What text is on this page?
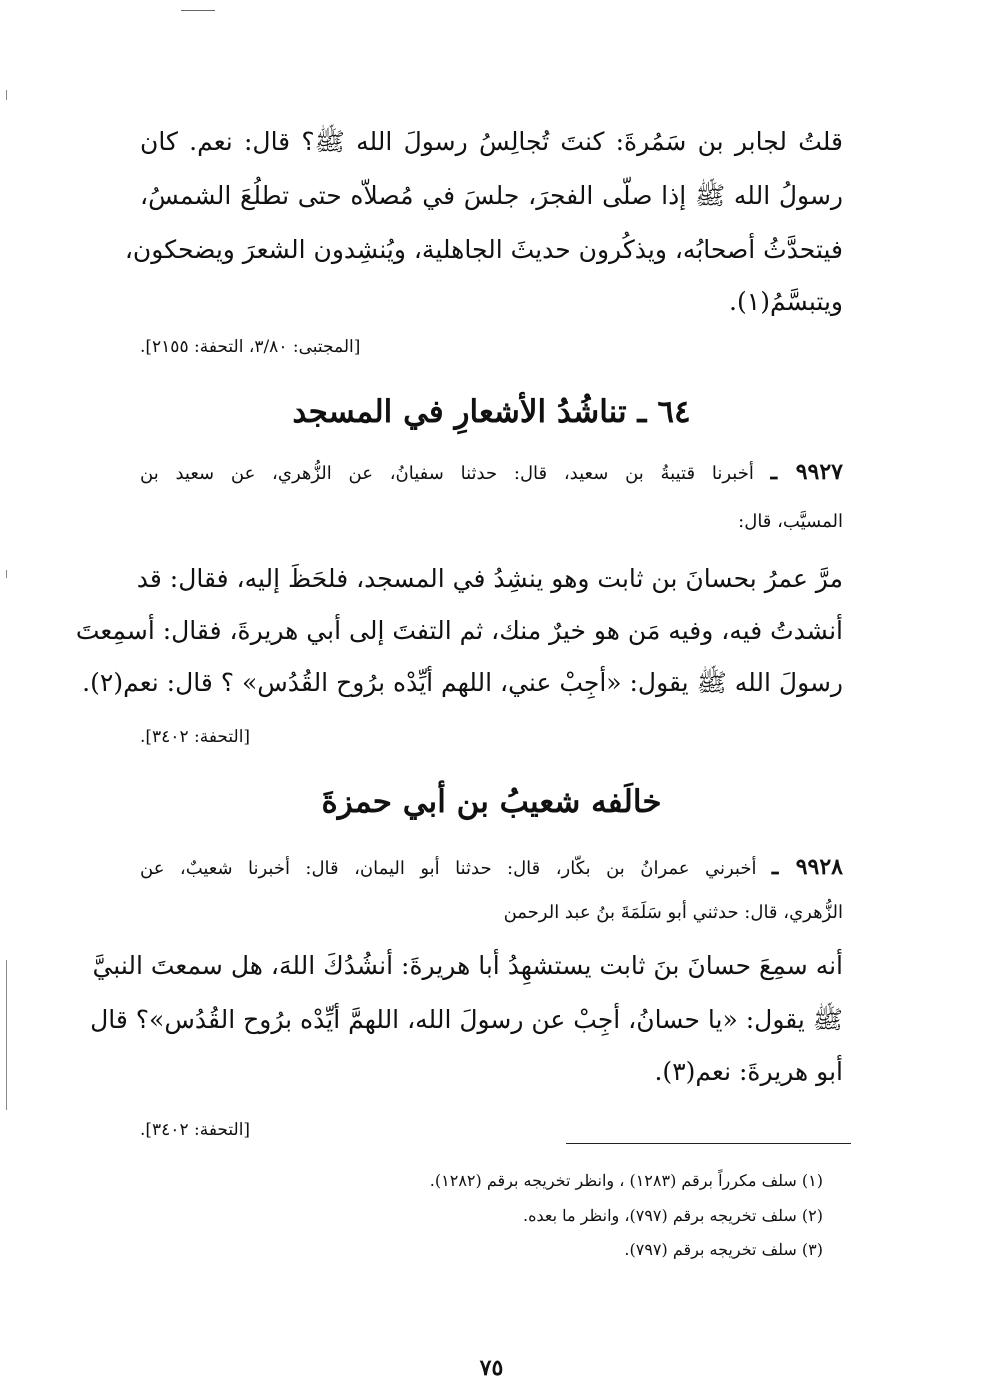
قلتُ لجابر بن سَمُرةَ: كنتَ تُجالِسُ رسولَ الله ﷺ؟ قال: نعم. كان
رسولُ الله ﷺ إذا صلّى الفجرَ، جلسَ في مُصلاّه حتى تطلُعَ الشمسُ،
فيتحدَّثُ أصحابُه، ويذكُرون حديثَ الجاهلية، ويُنشِدون الشعرَ ويضحكون،
ويتبسَّمُ(١).
[المجتبى: ٣/٨٠، التحفة: ٢١٥٥].
٦٤ ـ تناشُدُ الأشعارِ في المسجد
٩٩٢٧ ـ أخبرنا قتيبةُ بن سعيد، قال: حدثنا سفيانُ، عن الزُّهري، عن سعيد بن
المسيَّب، قال:
مرَّ عمرُ بحسانَ بن ثابت وهو ينشِدُ في المسجد، فلحَظَ إليه، فقال: قد
أنشدتُ فيه، وفيه مَن هو خيرٌ منك، ثم التفتَ إلى أبي هريرةَ، فقال: أسمِعتَ
رسولَ الله ﷺ يقول: «أجِبْ عني، اللهم أيِّدْه برُوح القُدُس» ؟ قال: نعم(٢).
[التحفة: ٣٤٠٢].
خالَفه شعيبُ بن أبي حمزةَ
٩٩٢٨ ـ أخبرني عمرانُ بن بكّار، قال: حدثنا أبو اليمان، قال: أخبرنا شعيبٌ، عن
الزُّهري، قال: حدثني أبو سَلَمَةَ بنُ عبد الرحمن
أنه سمِعَ حسانَ بنَ ثابت يستشهِدُ أبا هريرةَ: أنشُدُكَ اللهَ، هل سمعتَ النبيَّ
ﷺ يقول: «يا حسانُ، أجِبْ عن رسولَ الله، اللهمَّ أيِّدْه برُوح القُدُس»؟ قال
أبو هريرةَ: نعم(٣).
[التحفة: ٣٤٠٢].
(١) سلف مكرراً برقم (١٢٨٣) ، وانظر تخريجه برقم (١٢٨٢).
(٢) سلف تخريجه برقم (٧٩٧)، وانظر ما بعده.
(٣) سلف تخريجه برقم (٧٩٧).
٧٥
